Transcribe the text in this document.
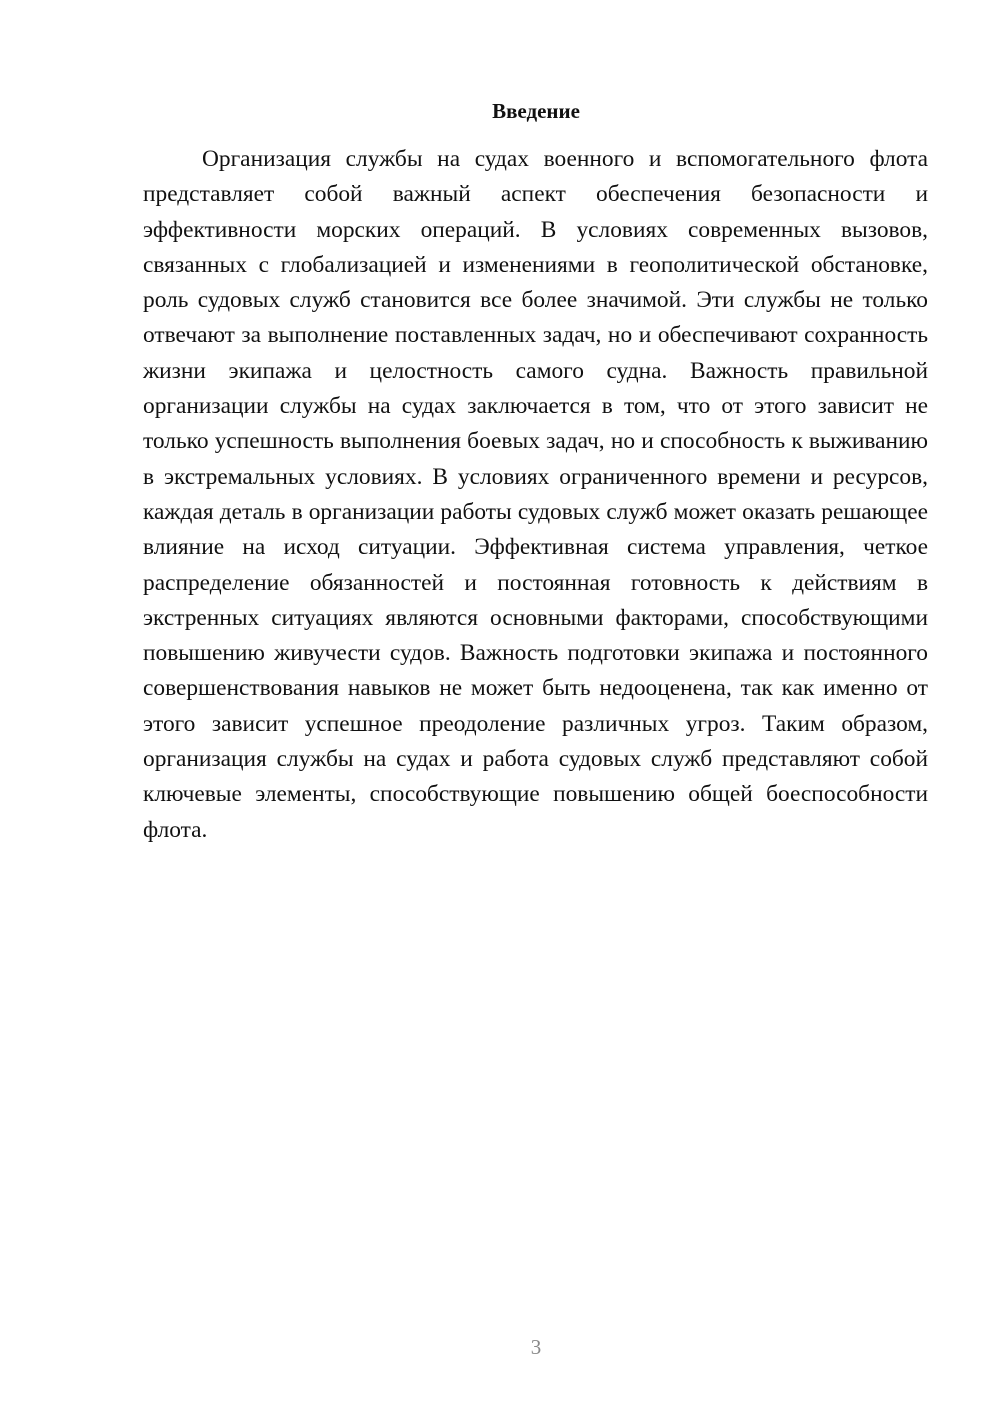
Введение

Организация службы на судах военного и вспомогательного флота представляет собой важный аспект обеспечения безопасности и эффективности морских операций. В условиях современных вызовов, связанных с глобализацией и изменениями в геополитической обстановке, роль судовых служб становится все более значимой. Эти службы не только отвечают за выполнение поставленных задач, но и обеспечивают сохранность жизни экипажа и целостность самого судна. Важность правильной организации службы на судах заключается в том, что от этого зависит не только успешность выполнения боевых задач, но и способность к выживанию в экстремальных условиях. В условиях ограниченного времени и ресурсов, каждая деталь в организации работы судовых служб может оказать решающее влияние на исход ситуации. Эффективная система управления, четкое распределение обязанностей и постоянная готовность к действиям в экстренных ситуациях являются основными факторами, способствующими повышению живучести судов. Важность подготовки экипажа и постоянного совершенствования навыков не может быть недооценена, так как именно от этого зависит успешное преодоление различных угроз. Таким образом, организация службы на судах и работа судовых служб представляют собой ключевые элементы, способствующие повышению общей боеспособности флота.

3
